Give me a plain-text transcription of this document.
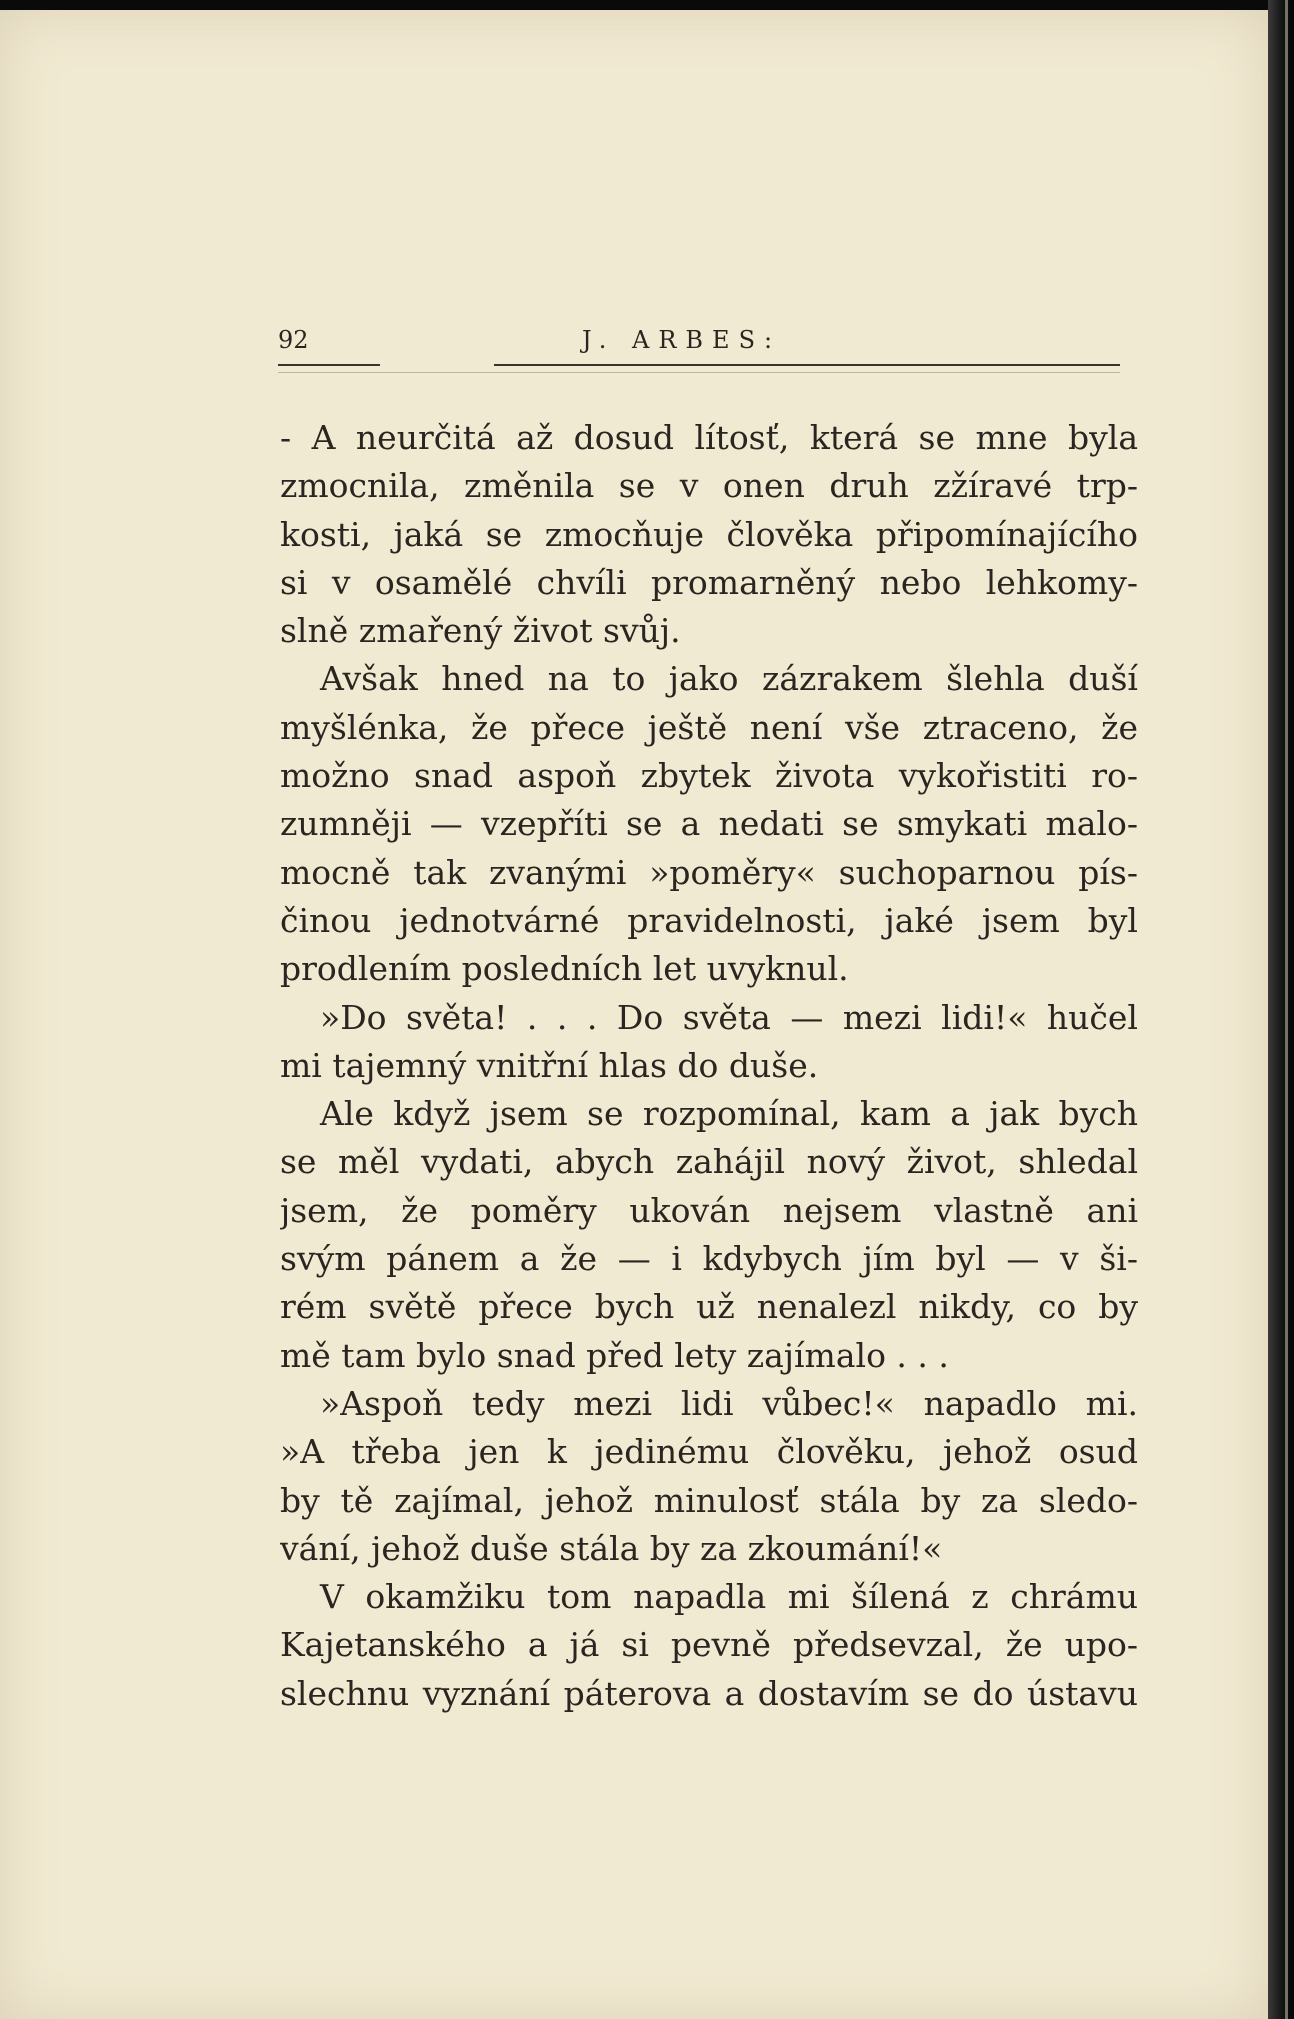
92	J. ARBES:
- A neurčitá až dosud lítosť, která se mne byla
zmocnila, změnila se v onen druh zžíravé trp-
kosti, jaká se zmocňuje člověka připomínajícího
si v osamělé chvíli promarněný nebo lehkomy-
slně zmařený život svůj.
Avšak hned na to jako zázrakem šlehla duší
myšlénka, že přece ještě není vše ztraceno, že
možno snad aspoň zbytek života vykořistiti ro-
zumněji — vzepříti se a nedati se smykati malo-
mocně tak zvanými »poměry« suchoparnou pís-
činou jednotvárné pravidelnosti, jaké jsem byl
prodlením posledních let uvyknul.
»Do světa! . . . Do světa — mezi lidi!« hučel
mi tajemný vnitřní hlas do duše.
Ale když jsem se rozpomínal, kam a jak bych
se měl vydati, abych zahájil nový život, shledal
jsem, že poměry ukován nejsem vlastně ani
svým pánem a že — i kdybych jím byl — v ši-
rém světě přece bych už nenalezl nikdy, co by
mě tam bylo snad před lety zajímalo . . .
»Aspoň tedy mezi lidi vůbec!« napadlo mi.
»A třeba jen k jedinému člověku, jehož osud
by tě zajímal, jehož minulosť stála by za sledo-
vání, jehož duše stála by za zkoumání!«
V okamžiku tom napadla mi šílená z chrámu
Kajetanského a já si pevně předsevzal, že upo-
slechnu vyznání páterova a dostavím se do ústavu
